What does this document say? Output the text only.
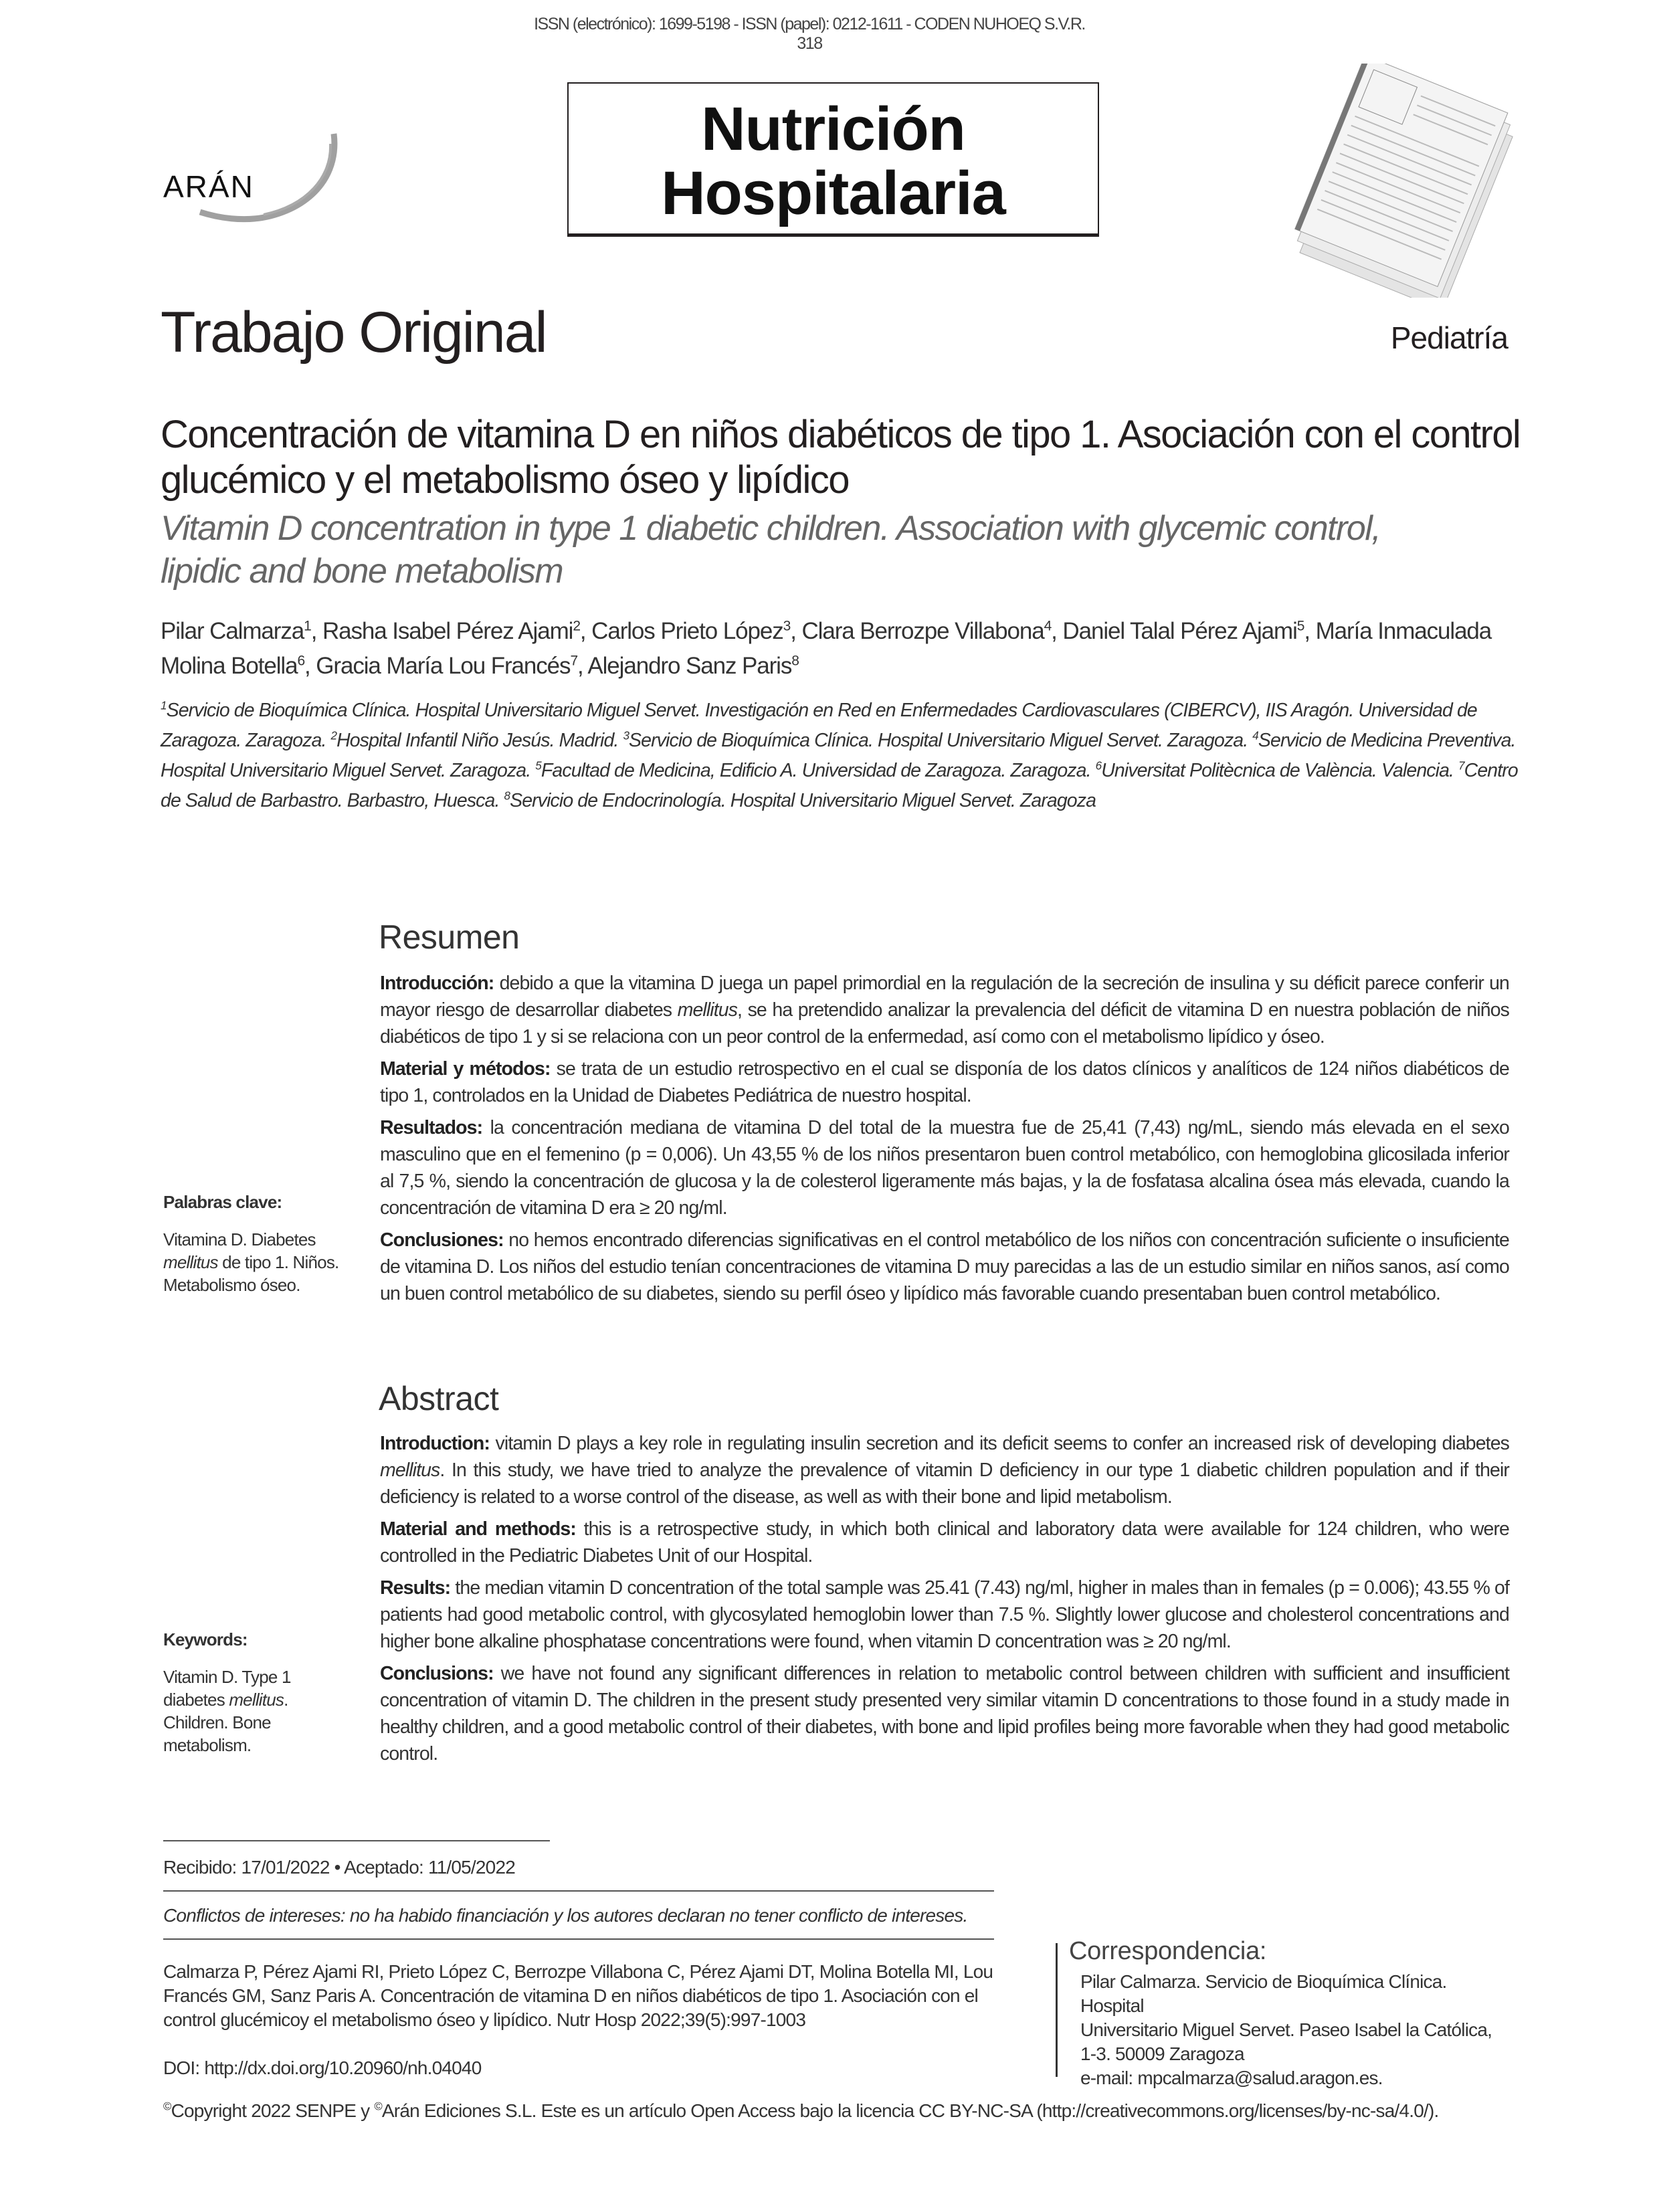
ISSN (electrónico): 1699-5198 - ISSN (papel): 0212-1611 - CODEN NUHOEQ S.V.R. 318
ARÁN
Nutrición
Hospitalaria
Trabajo Original	Pediatría
Concentración de vitamina D en niños diabéticos de tipo 1. Asociación con el control glucémico y el metabolismo óseo y lipídico
Vitamin D concentration in type 1 diabetic children. Association with glycemic control, lipidic and bone metabolism
Pilar Calmarza$^1$, Rasha Isabel Pérez Ajami$^2$, Carlos Prieto López$^3$, Clara Berrozpe Villabona$^4$, Daniel Talal Pérez Ajami$^5$, María Inmaculada Molina Botella$^6$, Gracia María Lou Francés$^7$, Alejandro Sanz Paris$^8$
$^1$Servicio de Bioquímica Clínica. Hospital Universitario Miguel Servet. Investigación en Red en Enfermedades Cardiovasculares (CIBERCV), IIS Aragón. Universidad de Zaragoza. Zaragoza. $^2$Hospital Infantil Niño Jesús. Madrid. $^3$Servicio de Bioquímica Clínica. Hospital Universitario Miguel Servet. Zaragoza. $^4$Servicio de Medicina Preventiva. Hospital Universitario Miguel Servet. Zaragoza. $^5$Facultad de Medicina, Edificio A. Universidad de Zaragoza. Zaragoza. $^6$Universitat Politècnica de València. Valencia. $^7$Centro de Salud de Barbastro. Barbastro, Huesca. $^8$Servicio de Endocrinología. Hospital Universitario Miguel Servet. Zaragoza
Resumen
Palabras clave:
Vitamina D. Diabetes mellitus de tipo 1. Niños. Metabolismo óseo.

Introducción: debido a que la vitamina D juega un papel primordial en la regulación de la secreción de insulina y su déficit parece conferir un mayor riesgo de desarrollar diabetes mellitus, se ha pretendido analizar la prevalencia del déficit de vitamina D en nuestra población de niños diabéticos de tipo 1 y si se relaciona con un peor control de la enfermedad, así como con el metabolismo lipídico y óseo.

Material y métodos: se trata de un estudio retrospectivo en el cual se disponía de los datos clínicos y analíticos de 124 niños diabéticos de tipo 1, controlados en la Unidad de Diabetes Pediátrica de nuestro hospital.

Resultados: la concentración mediana de vitamina D del total de la muestra fue de 25,41 (7,43) ng/mL, siendo más elevada en el sexo masculino que en el femenino (p = 0,006). Un 43,55 % de los niños presentaron buen control metabólico, con hemoglobina glicosilada inferior al 7,5 %, siendo la concentración de glucosa y la de colesterol ligeramente más bajas, y la de fosfatasa alcalina ósea más elevada, cuando la concentración de vitamina D era ≥ 20 ng/ml.

Conclusiones: no hemos encontrado diferencias significativas en el control metabólico de los niños con concentración suficiente o insuficiente de vitamina D. Los niños del estudio tenían concentraciones de vitamina D muy parecidas a las de un estudio similar en niños sanos, así como un buen control metabólico de su diabetes, siendo su perfil óseo y lipídico más favorable cuando presentaban buen control metabólico.

Abstract
Keywords:
Vitamin D. Type 1 diabetes mellitus. Children. Bone metabolism.

Introduction: vitamin D plays a key role in regulating insulin secretion and its deficit seems to confer an increased risk of developing diabetes mellitus. In this study, we have tried to analyze the prevalence of vitamin D deficiency in our type 1 diabetic children population and if their deficiency is related to a worse control of the disease, as well as with their bone and lipid metabolism.

Material and methods: this is a retrospective study, in which both clinical and laboratory data were available for 124 children, who were controlled in the Pediatric Diabetes Unit of our Hospital.

Results: the median vitamin D concentration of the total sample was 25.41 (7.43) ng/ml, higher in males than in females (p = 0.006); 43.55 % of patients had good metabolic control, with glycosylated hemoglobin lower than 7.5 %. Slightly lower glucose and cholesterol concentrations and higher bone alkaline phosphatase concentrations were found, when vitamin D concentration was ≥ 20 ng/ml.

Conclusions: we have not found any significant differences in relation to metabolic control between children with sufficient and insufficient concentration of vitamin D. The children in the present study presented very similar vitamin D concentrations to those found in a study made in healthy children, and a good metabolic control of their diabetes, with bone and lipid profiles being more favorable when they had good metabolic control.

Recibido: 17/01/2022 • Aceptado: 11/05/2022
Conflictos de intereses: no ha habido financiación y los autores declaran no tener conflicto de intereses.
Calmarza P, Pérez Ajami RI, Prieto López C, Berrozpe Villabona C, Pérez Ajami DT, Molina Botella MI, Lou Francés GM, Sanz Paris A. Concentración de vitamina D en niños diabéticos de tipo 1. Asociación con el control glucémicoy el metabolismo óseo y lipídico. Nutr Hosp 2022;39(5):997-1003
DOI: http://dx.doi.org/10.20960/nh.04040
Correspondencia:
Pilar Calmarza. Servicio de Bioquímica Clínica. Hospital
Universitario Miguel Servet. Paseo Isabel la Católica,
1-3. 50009 Zaragoza
e-mail: mpcalmarza@salud.aragon.es.
©Copyright 2022 SENPE y ©Arán Ediciones S.L. Este es un artículo Open Access bajo la licencia CC BY-NC-SA (http://creativecommons.org/licenses/by-nc-sa/4.0/).
